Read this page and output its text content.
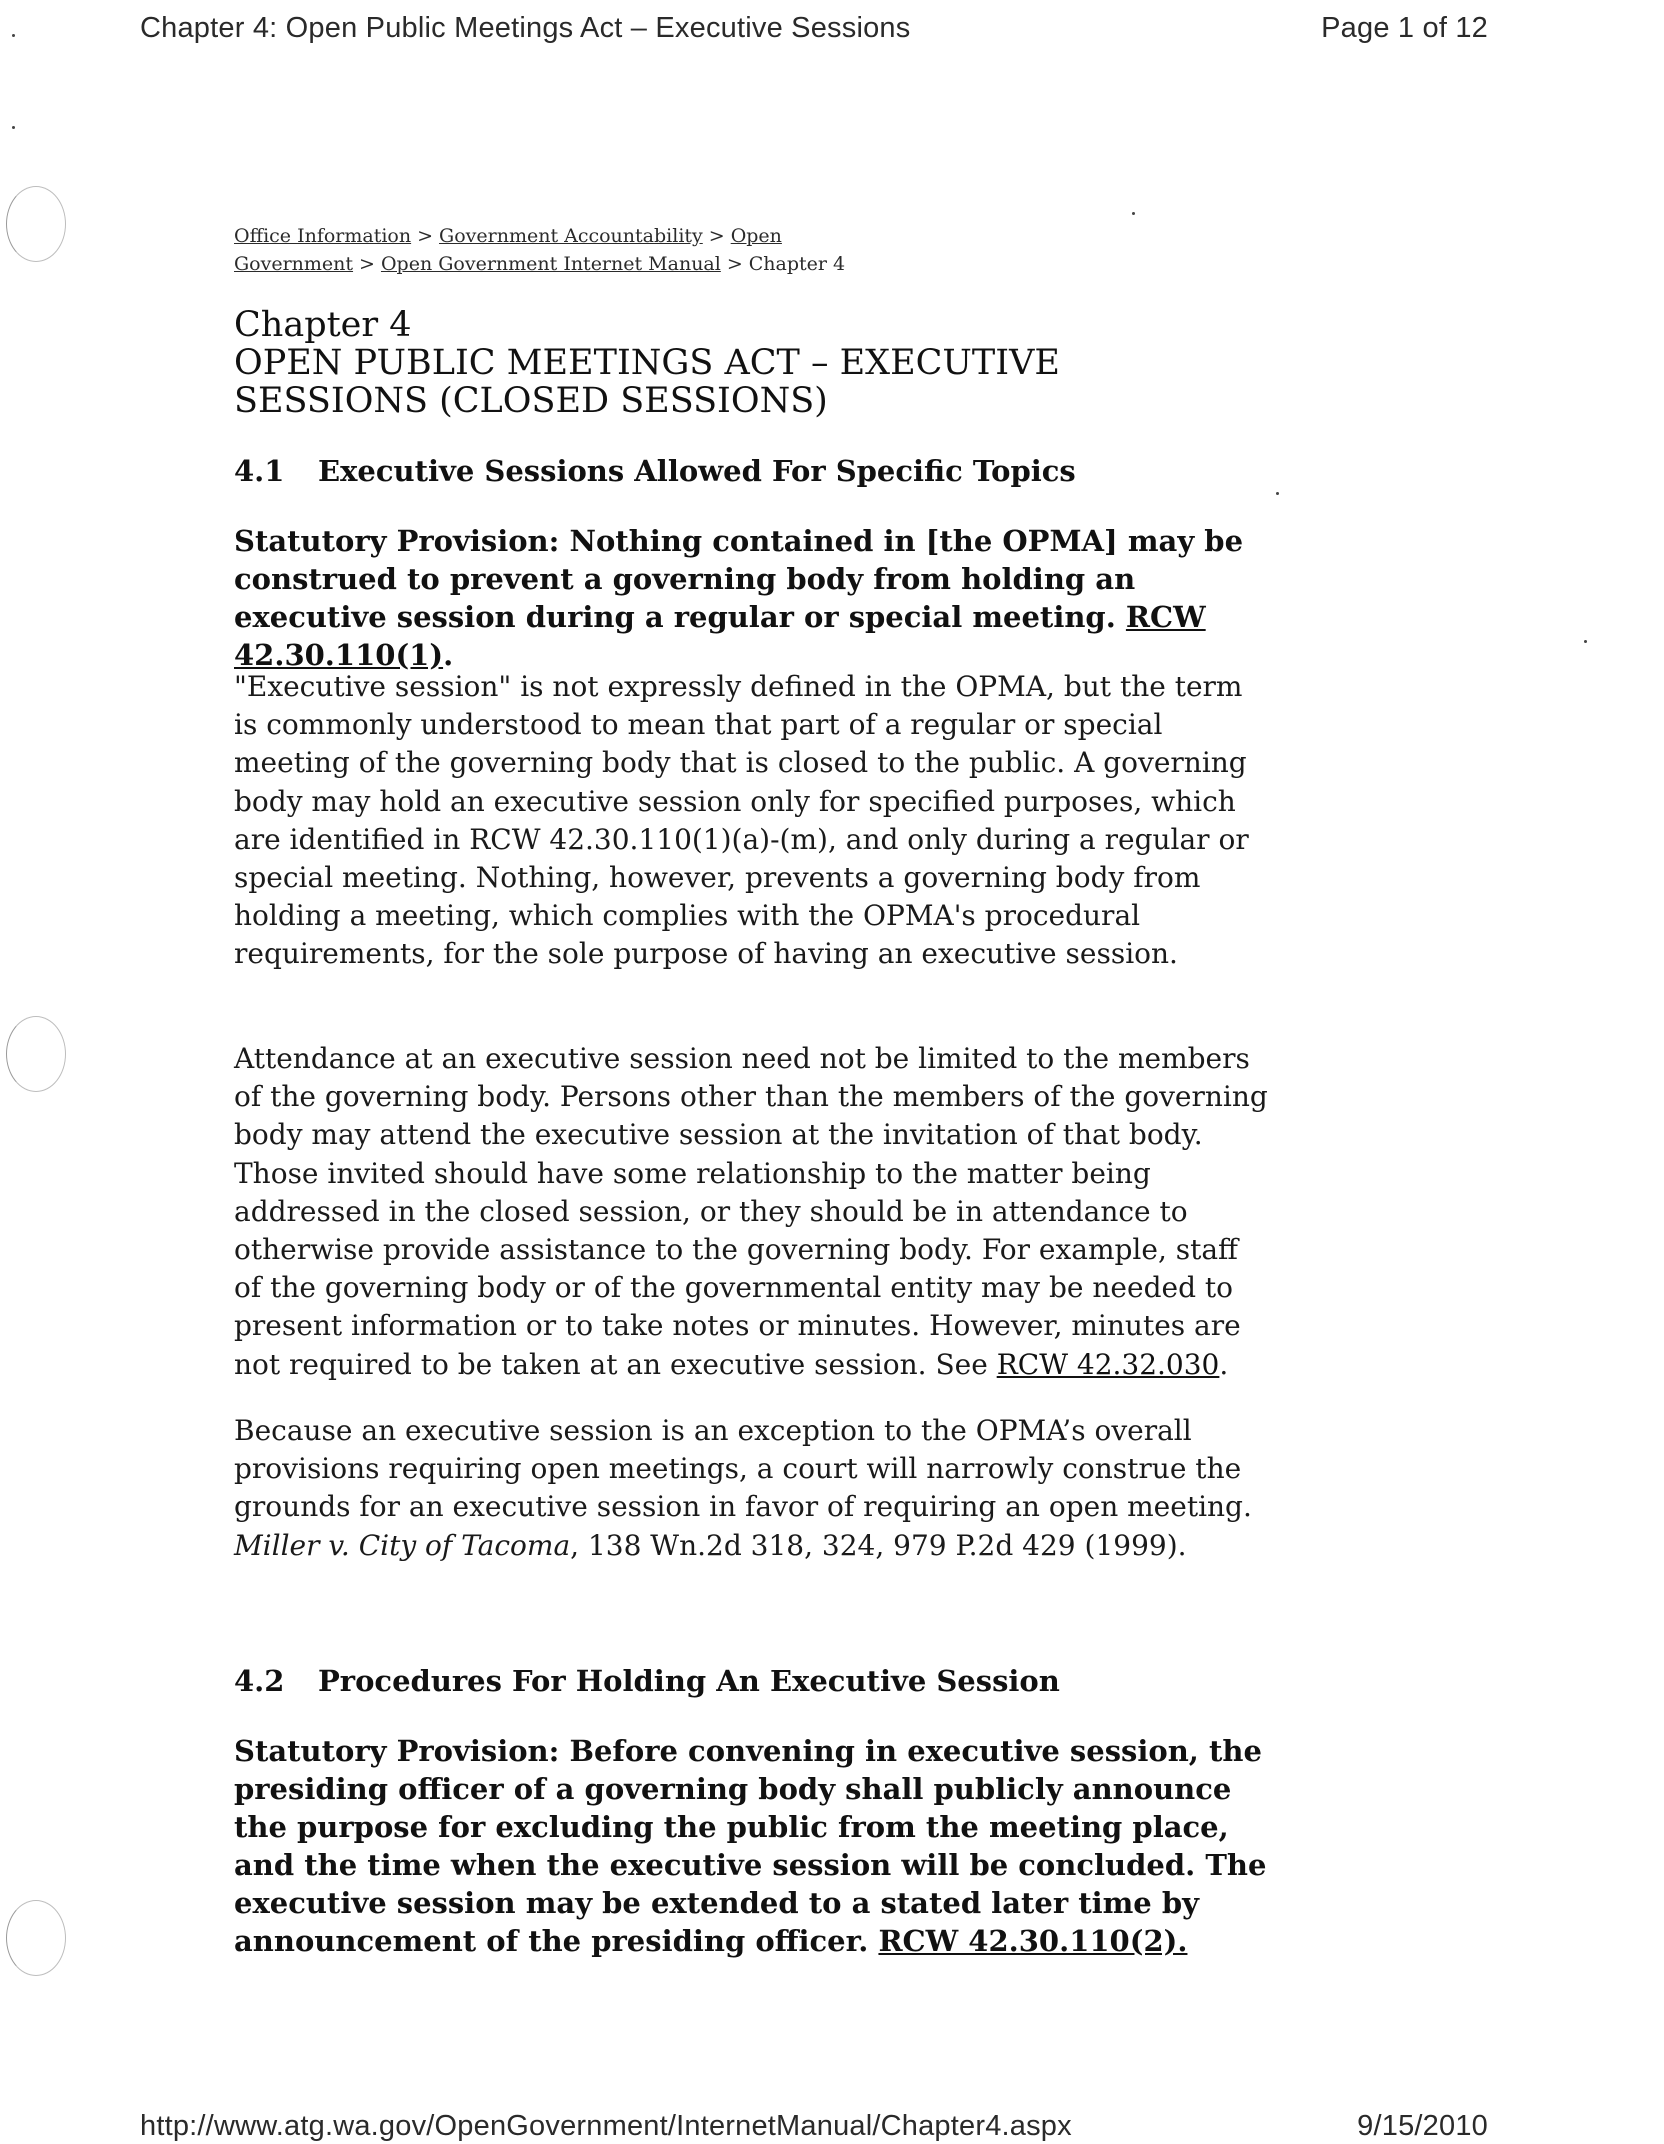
Chapter 4: Open Public Meetings Act – Executive Sessions	Page 1 of 12
Office Information > Government Accountability > Open Government > Open Government Internet Manual > Chapter 4
Chapter 4
OPEN PUBLIC MEETINGS ACT – EXECUTIVE
SESSIONS (CLOSED SESSIONS)
4.1 Executive Sessions Allowed For Specific Topics

Statutory Provision: Nothing contained in [the OPMA] may be construed to prevent a governing body from holding an executive session during a regular or special meeting. RCW 42.30.110(1).

"Executive session" is not expressly defined in the OPMA, but the term is commonly understood to mean that part of a regular or special meeting of the governing body that is closed to the public. A governing body may hold an executive session only for specified purposes, which are identified in RCW 42.30.110(1)(a)-(m), and only during a regular or special meeting. Nothing, however, prevents a governing body from holding a meeting, which complies with the OPMA's procedural requirements, for the sole purpose of having an executive session.

Attendance at an executive session need not be limited to the members of the governing body. Persons other than the members of the governing body may attend the executive session at the invitation of that body. Those invited should have some relationship to the matter being addressed in the closed session, or they should be in attendance to otherwise provide assistance to the governing body. For example, staff of the governing body or of the governmental entity may be needed to present information or to take notes or minutes. However, minutes are not required to be taken at an executive session. See RCW 42.32.030.

Because an executive session is an exception to the OPMA’s overall provisions requiring open meetings, a court will narrowly construe the grounds for an executive session in favor of requiring an open meeting. Miller v. City of Tacoma, 138 Wn.2d 318, 324, 979 P.2d 429 (1999).

4.2 Procedures For Holding An Executive Session

Statutory Provision: Before convening in executive session, the presiding officer of a governing body shall publicly announce the purpose for excluding the public from the meeting place, and the time when the executive session will be concluded. The executive session may be extended to a stated later time by announcement of the presiding officer. RCW 42.30.110(2).

http://www.atg.wa.gov/OpenGovernment/InternetManual/Chapter4.aspx	9/15/2010
